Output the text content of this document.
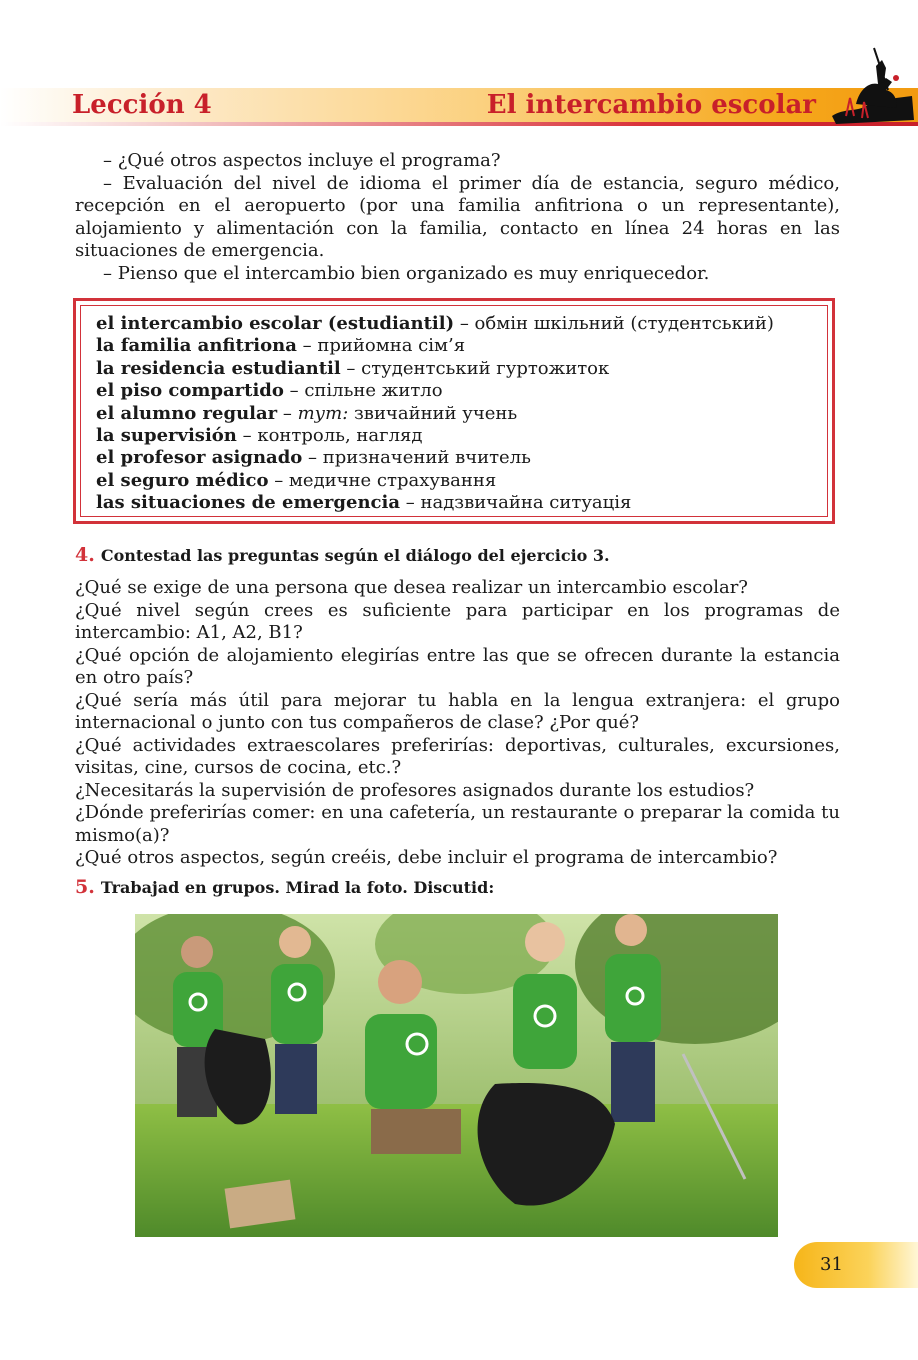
Lección 4	El intercambio escolar

– ¿Qué otros aspectos incluye el programa?

– Evaluación del nivel de idioma el primer día de estancia, seguro médico, recepción en el aeropuerto (por una familia anfitriona o un representante), alojamiento y alimentación con la familia, contacto en línea 24 horas en las situaciones de emergencia.

– Pienso que el intercambio bien organizado es muy enriquecedor.

el intercambio escolar (estudiantil) – обмін шкільний (студентський)
la familia anfitriona – прийомна сім’я
la residencia estudiantil – студентський гуртожиток
el piso compartido – спільне житло
el alumno regular – тут: звичайний учень
la supervisión – контроль, нагляд
el profesor asignado – призначений вчитель
el seguro médico – медичне страхування
las situaciones de emergencia – надзвичайна ситуація
4. Contestad las preguntas según el diálogo del ejercicio 3.

¿Qué se exige de una persona que desea realizar un intercambio escolar?

¿Qué nivel según crees es suficiente para participar en los programas de intercambio: A1, A2, B1?

¿Qué opción de alojamiento elegirías entre las que se ofrecen durante la estancia en otro país?

¿Qué sería más útil para mejorar tu habla en la lengua extranjera: el grupo internacional o junto con tus compañeros de clase? ¿Por qué?

¿Qué actividades extraescolares preferirías: deportivas, culturales, excursiones, visitas, cine, cursos de cocina, etc.?

¿Necesitarás la supervisión de profesores asignados durante los estudios?

¿Dónde preferirías comer: en una cafetería, un restaurante o preparar la comida tu mismo(a)?

¿Qué otros aspectos, según creéis, debe incluir el programa de intercambio?

5. Trabajad en grupos. Mirad la foto. Discutid:
31
